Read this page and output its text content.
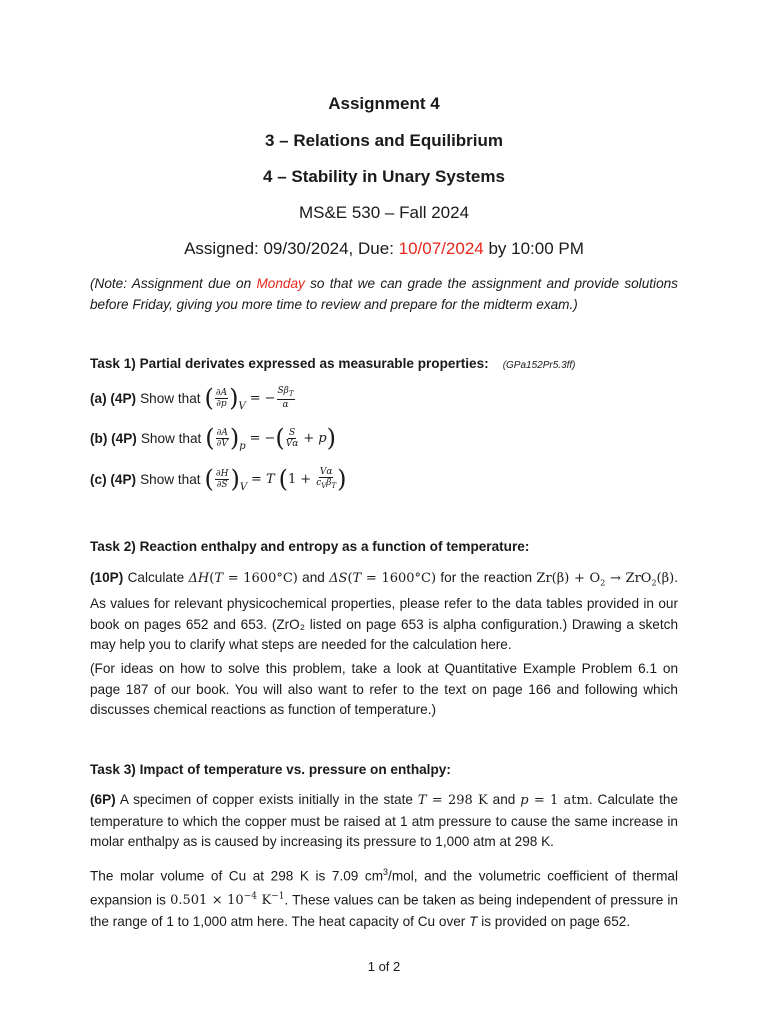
Assignment 4
3 – Relations and Equilibrium
4 – Stability in Unary Systems
MS&E 530 – Fall 2024
Assigned: 09/30/2024, Due: 10/07/2024 by 10:00 PM
(Note: Assignment due on Monday so that we can grade the assignment and provide solutions before Friday, giving you more time to review and prepare for the midterm exam.)
Task 1) Partial derivates expressed as measurable properties: (GPa152Pr5.3ff)
(a) (4P) Show that ( $\frac{\partial A}{\partial p}$ ) V
= − $\frac{S\beta_T}{\alpha}$
(b) (4P) Show that ( $\frac{\partial A}{\partial V}$ ) p
= − ( $\frac{S}{V\alpha} + p$ )
(c) (4P) Show that ( $\frac{\partial H}{\partial S}$ ) V
= T ( $1 + \frac{V\alpha}{c_V\beta_T}$ )
Task 2) Reaction enthalpy and entropy as a function of temperature:
(10P) Calculate ΔH(T = 1600°C) and ΔS(T = 1600°C) for the reaction $Zr(\beta) + O_2 \to ZrO_2(\beta)$. As values for relevant physicochemical properties, please refer to the data tables provided in our book on pages 652 and 653. (ZrO₂ listed on page 653 is alpha configuration.) Drawing a sketch may help you to clarify what steps are needed for the calculation here.
(For ideas on how to solve this problem, take a look at Quantitative Example Problem 6.1 on page 187 of our book. You will also want to refer to the text on page 166 and following which discusses chemical reactions as function of temperature.)
Task 3) Impact of temperature vs. pressure on enthalpy:
(6P) A specimen of copper exists initially in the state T = 298 K and p = 1 atm. Calculate the temperature to which the copper must be raised at 1 atm pressure to cause the same increase in molar enthalpy as is caused by increasing its pressure to 1,000 atm at 298 K.
The molar volume of Cu at 298 K is 7.09 $cm^3$/mol, and the volumetric coefficient of thermal expansion is $0.501 \times 10^{-4}$ $K^{-1}$. These values can be taken as being independent of pressure in the range of 1 to 1,000 atm here. The heat capacity of Cu over T is provided on page 652.
1 of 2
